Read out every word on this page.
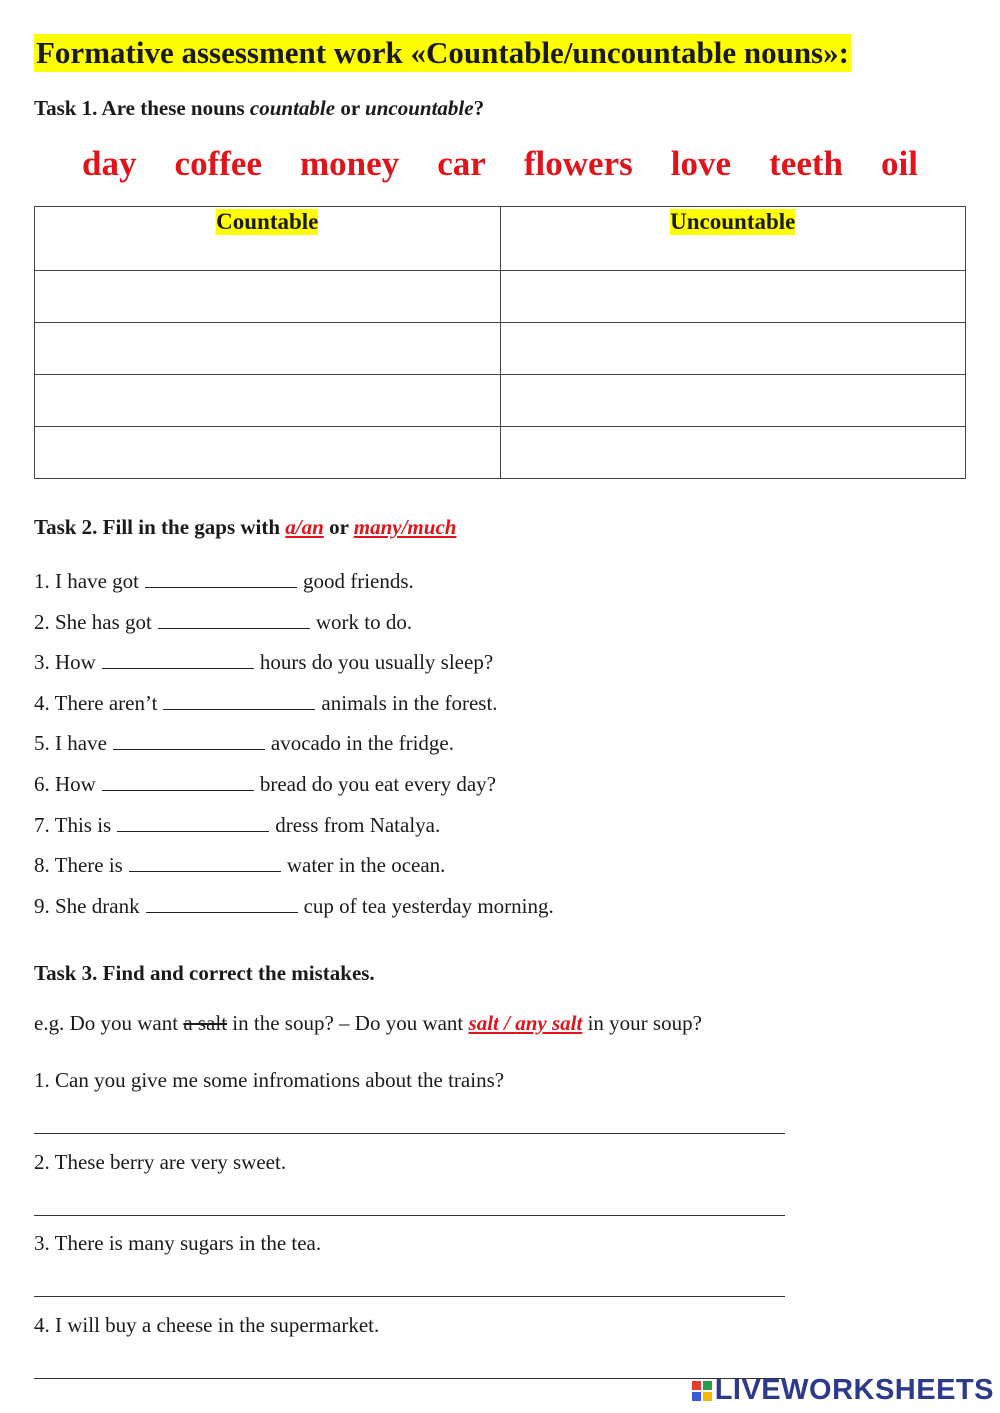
Formative assessment work «Countable/uncountable nouns»:
Task 1. Are these nouns countable or uncountable?
day coffee money car flowers love teeth oil
Countable	Uncountable

Task 2. Fill in the gaps with a/an or many/much
1. I have got	good friends.
2. She has got	work to do.
3. How	hours do you usually sleep?
4. There aren’t	animals in the forest.
5. I have	avocado in the fridge.
6. How	bread do you eat every day?
7. This is	dress from Natalya.
8. There is	water in the ocean.
9. She drank	cup of tea yesterday morning.
Task 3. Find and correct the mistakes.
e.g. Do you want a salt in the soup? – Do you want salt / any salt in your soup?
1. Can you give me some infromations about the trains?
2. These berry are very sweet.
3. There is many sugars in the tea.
4. I will buy a cheese in the supermarket.
LIVEWORKSHEETS
